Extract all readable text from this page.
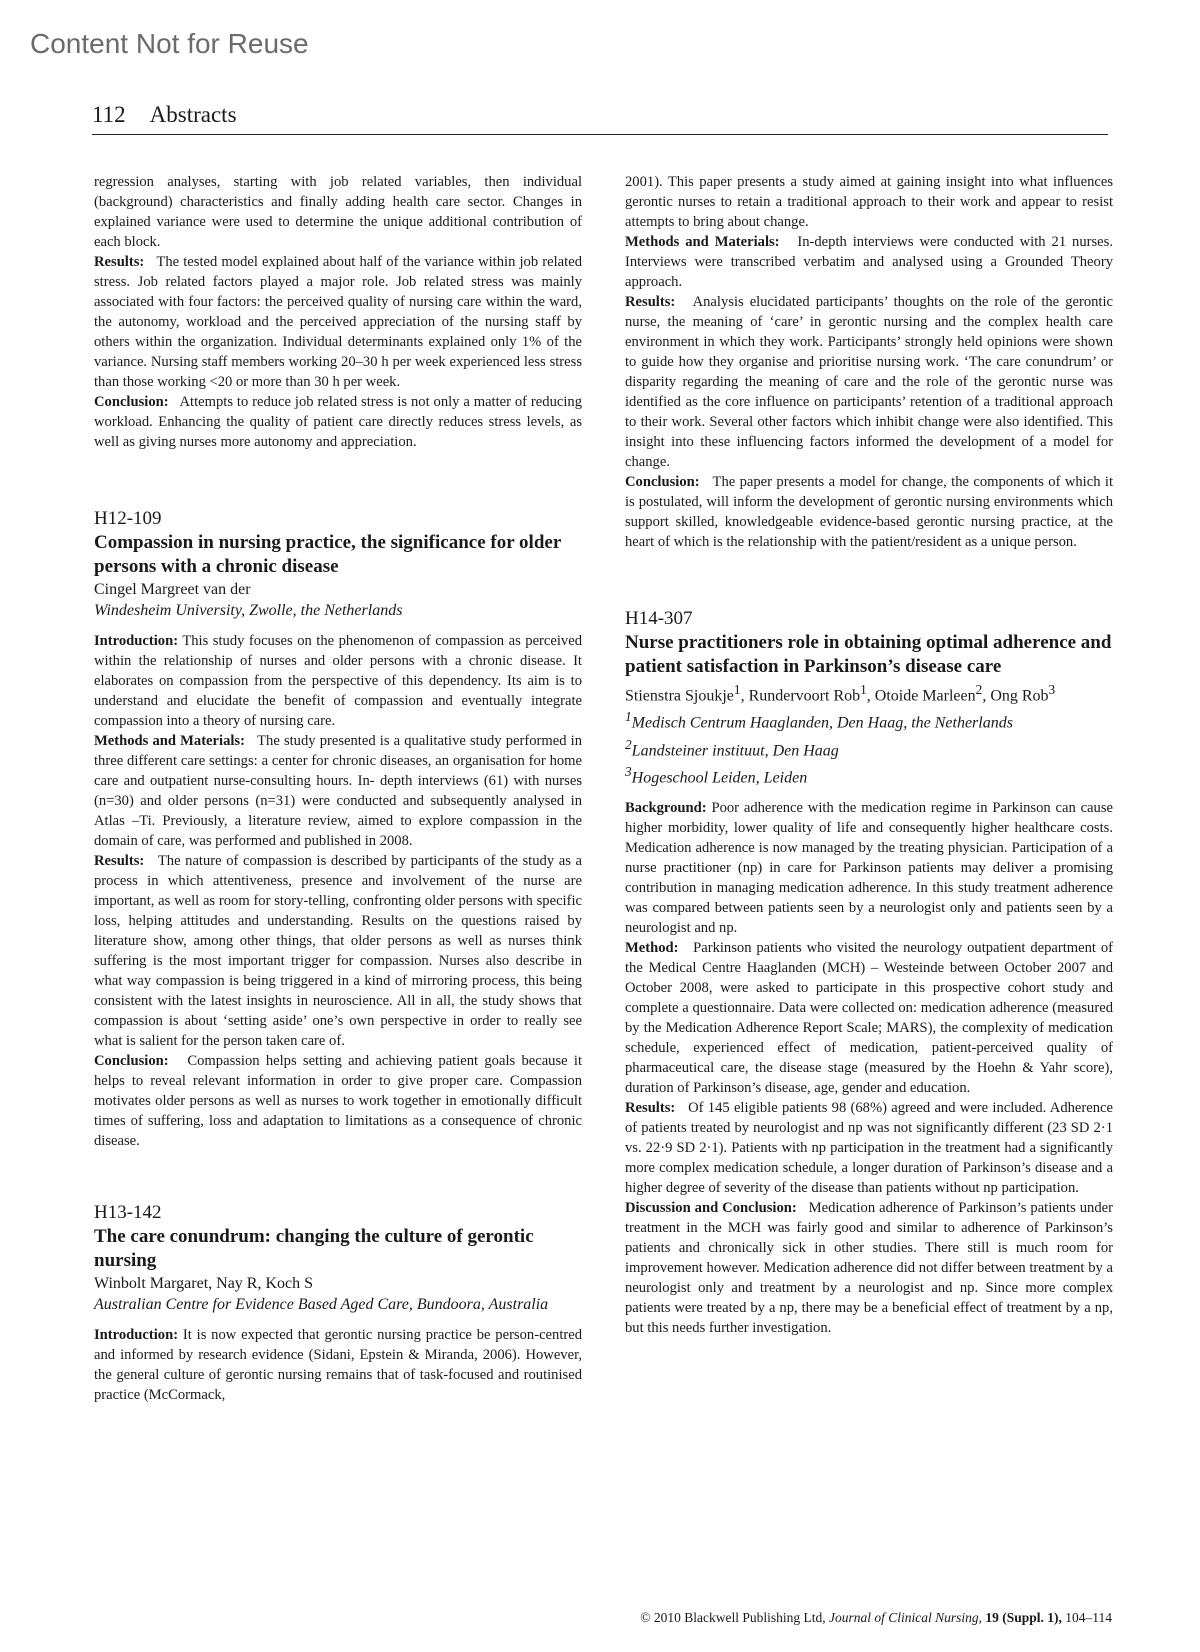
Content Not for Reuse
112 Abstracts

regression analyses, starting with job related variables, then individual (background) characteristics and finally adding health care sector. Changes in explained variance were used to determine the unique additional contribution of each block.

Results: The tested model explained about half of the variance within job related stress. Job related factors played a major role. Job related stress was mainly associated with four factors: the perceived quality of nursing care within the ward, the autonomy, workload and the perceived appreciation of the nursing staff by others within the organization. Individual determinants explained only 1% of the variance. Nursing staff members working 20–30 h per week experienced less stress than those working <20 or more than 30 h per week.

Conclusion: Attempts to reduce job related stress is not only a matter of reducing workload. Enhancing the quality of patient care directly reduces stress levels, as well as giving nurses more autonomy and appreciation.

H12-109

Compassion in nursing practice, the significance for older persons with a chronic disease

Cingel Margreet van der
Windesheim University, Zwolle, the Netherlands

Introduction: This study focuses on the phenomenon of compassion as perceived within the relationship of nurses and older persons with a chronic disease. It elaborates on compassion from the perspective of this dependency. Its aim is to understand and elucidate the benefit of compassion and eventually integrate compassion into a theory of nursing care.

Methods and Materials: The study presented is a qualitative study performed in three different care settings: a center for chronic diseases, an organisation for home care and outpatient nurse-consulting hours. In- depth interviews (61) with nurses (n=30) and older persons (n=31) were conducted and subsequently analysed in Atlas –Ti. Previously, a literature review, aimed to explore compassion in the domain of care, was performed and published in 2008.

Results: The nature of compassion is described by participants of the study as a process in which attentiveness, presence and involvement of the nurse are important, as well as room for story-telling, confronting older persons with specific loss, helping attitudes and understanding. Results on the questions raised by literature show, among other things, that older persons as well as nurses think suffering is the most important trigger for compassion. Nurses also describe in what way compassion is being triggered in a kind of mirroring process, this being consistent with the latest insights in neuroscience. All in all, the study shows that compassion is about ‘setting aside’ one’s own perspective in order to really see what is salient for the person taken care of.

Conclusion: Compassion helps setting and achieving patient goals because it helps to reveal relevant information in order to give proper care. Compassion motivates older persons as well as nurses to work together in emotionally difficult times of suffering, loss and adaptation to limitations as a consequence of chronic disease.

H13-142

The care conundrum: changing the culture of gerontic nursing

Winbolt Margaret, Nay R, Koch S
Australian Centre for Evidence Based Aged Care, Bundoora, Australia

Introduction: It is now expected that gerontic nursing practice be person-centred and informed by research evidence (Sidani, Epstein & Miranda, 2006). However, the general culture of gerontic nursing remains that of task-focused and routinised practice (McCormack,

2001). This paper presents a study aimed at gaining insight into what influences gerontic nurses to retain a traditional approach to their work and appear to resist attempts to bring about change.

Methods and Materials: In-depth interviews were conducted with 21 nurses. Interviews were transcribed verbatim and analysed using a Grounded Theory approach.

Results: Analysis elucidated participants’ thoughts on the role of the gerontic nurse, the meaning of ‘care’ in gerontic nursing and the complex health care environment in which they work. Participants’ strongly held opinions were shown to guide how they organise and prioritise nursing work. ‘The care conundrum’ or disparity regarding the meaning of care and the role of the gerontic nurse was identified as the core influence on participants’ retention of a traditional approach to their work. Several other factors which inhibit change were also identified. This insight into these influencing factors informed the development of a model for change.

Conclusion: The paper presents a model for change, the components of which it is postulated, will inform the development of gerontic nursing environments which support skilled, knowledgeable evidence-based gerontic nursing practice, at the heart of which is the relationship with the patient/resident as a unique person.

H14-307

Nurse practitioners role in obtaining optimal adherence and patient satisfaction in Parkinson’s disease care

Stienstra Sjoukje$^1$, Rundervoort Rob$^1$, Otoide Marleen$^2$, Ong Rob$^3$
$^1$Medisch Centrum Haaglanden, Den Haag, the Netherlands
$^2$Landsteiner instituut, Den Haag
$^3$Hogeschool Leiden, Leiden

Background: Poor adherence with the medication regime in Parkinson can cause higher morbidity, lower quality of life and consequently higher healthcare costs. Medication adherence is now managed by the treating physician. Participation of a nurse practitioner (np) in care for Parkinson patients may deliver a promising contribution in managing medication adherence. In this study treatment adherence was compared between patients seen by a neurologist only and patients seen by a neurologist and np.

Method: Parkinson patients who visited the neurology outpatient department of the Medical Centre Haaglanden (MCH) – Westeinde between October 2007 and October 2008, were asked to participate in this prospective cohort study and complete a questionnaire. Data were collected on: medication adherence (measured by the Medication Adherence Report Scale; MARS), the complexity of medication schedule, experienced effect of medication, patient-perceived quality of pharmaceutical care, the disease stage (measured by the Hoehn & Yahr score), duration of Parkinson’s disease, age, gender and education.

Results: Of 145 eligible patients 98 (68%) agreed and were included. Adherence of patients treated by neurologist and np was not significantly different (23 SD 2·1 vs. 22·9 SD 2·1). Patients with np participation in the treatment had a significantly more complex medication schedule, a longer duration of Parkinson’s disease and a higher degree of severity of the disease than patients without np participation.

Discussion and Conclusion: Medication adherence of Parkinson’s patients under treatment in the MCH was fairly good and similar to adherence of Parkinson’s patients and chronically sick in other studies. There still is much room for improvement however. Medication adherence did not differ between treatment by a neurologist only and treatment by a neurologist and np. Since more complex patients were treated by a np, there may be a beneficial effect of treatment by a np, but this needs further investigation.

© 2010 Blackwell Publishing Ltd, Journal of Clinical Nursing, 19 (Suppl. 1), 104–114
